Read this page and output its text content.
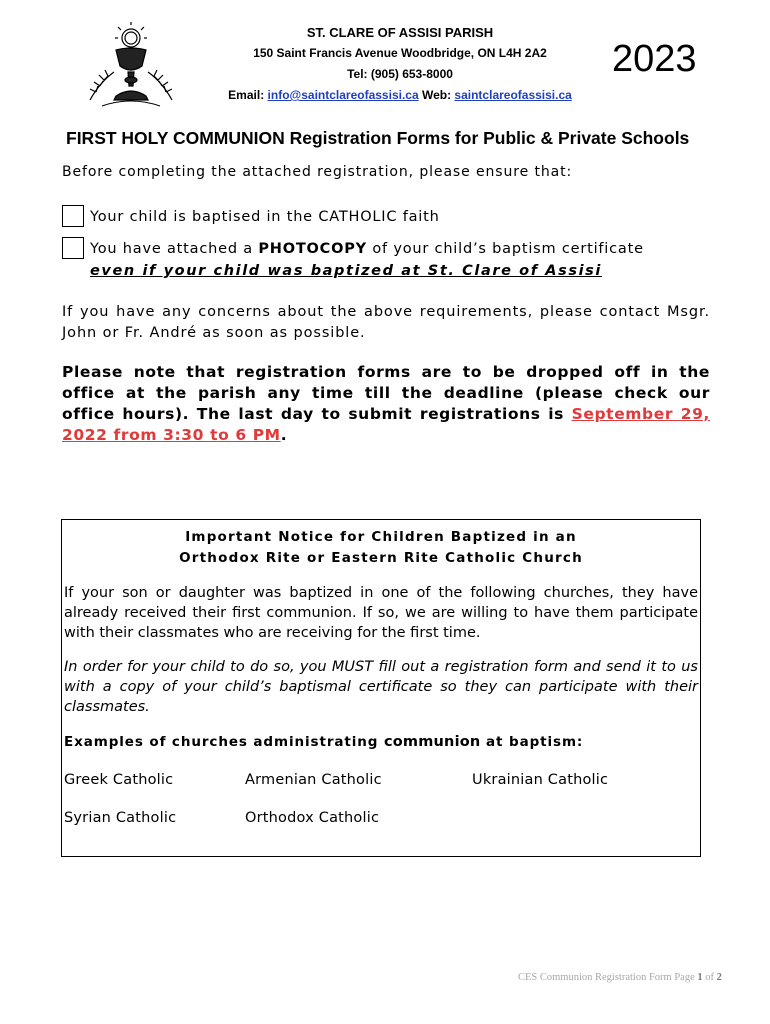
ST. CLARE OF ASSISI PARISH
150 Saint Francis Avenue Woodbridge, ON L4H 2A2
Tel: (905) 653-8000
Email: info@saintclareofassisi.ca Web: saintclareofassisi.ca
2023
FIRST HOLY COMMUNION Registration Forms for Public & Private Schools
Before completing the attached registration, please ensure that:
Your child is baptised in the CATHOLIC faith
You have attached a PHOTOCOPY of your child’s baptism certificate
even if your child was baptized at St. Clare of Assisi
If you have any concerns about the above requirements, please contact Msgr. John or Fr. André as soon as possible.
Please note that registration forms are to be dropped off in the office at the parish any time till the deadline (please check our office hours). The last day to submit registrations is September 29, 2022 from 3:30 to 6 PM.
Important Notice for Children Baptized in an
Orthodox Rite or Eastern Rite Catholic Church
If your son or daughter was baptized in one of the following churches, they have already received their first communion. If so, we are willing to have them participate with their classmates who are receiving for the first time.
In order for your child to do so, you MUST fill out a registration form and send it to us with a copy of your child’s baptismal certificate so they can participate with their classmates.
Examples of churches administrating communion at baptism:
Greek Catholic	Armenian Catholic	Ukrainian Catholic
Syrian Catholic	Orthodox Catholic
CES Communion Registration Form Page 1 of 2
